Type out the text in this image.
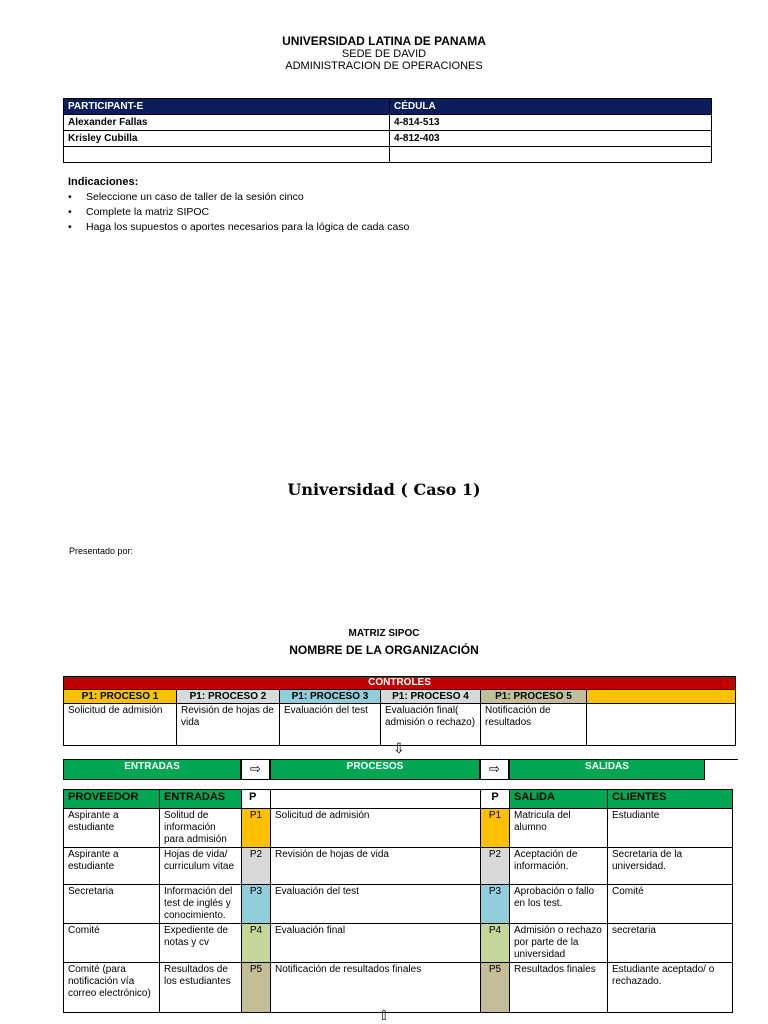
UNIVERSIDAD LATINA DE PANAMA
SEDE DE DAVID
ADMINISTRACION DE OPERACIONES
PARTICIPANT-E	CÉDULA
Alexander Fallas	4-814-513
Krisley Cubilla	4-812-403

Indicaciones:
• Seleccione un caso de taller de la sesión cinco
• Complete la matriz SIPOC
• Haga los supuestos o aportes necesarios para la lógica de cada caso
Universidad ( Caso 1)
Presentado por:
MATRIZ SIPOC
NOMBRE DE LA ORGANIZACIÓN
CONTROLES					
P1: PROCESO 1	P1: PROCESO 2	P1: PROCESO 3	P1: PROCESO 4	P1: PROCESO 5	
Solicitud de admisión	Revisión de hojas de vida	Evaluación del test	Evaluación final( admisión o rechazo)	Notificación de resultados	
⇩
ENTRADAS	⇨	PROCESOS	⇨	SALIDAS
PROVEEDOR	ENTRADAS	P		P	SALIDA	CLIENTES
Aspirante a estudiante	Solitud de información para admisión	P1	Solicitud de admisión	P1	Matricula del alumno	Estudiante
Aspirante a estudiante	Hojas de vida/ curriculum vitae	P2	Revisión de hojas de vida	P2	Aceptación de información.	Secretaria de la universidad.
Secretaria	Información del test de inglés y conocimiento.	P3	Evaluación del test	P3	Aprobación o fallo en los test.	Comité
Comité	Expediente de notas y cv	P4	Evaluación final	P4	Admisión o rechazo por parte de la universidad	secretaria
Comité (para notificación vía correo electrónico)	Resultados de los estudiantes	P5	Notificación de resultados finales	P5	Resultados finales	Estudiante aceptado/ o rechazado.
⇧
